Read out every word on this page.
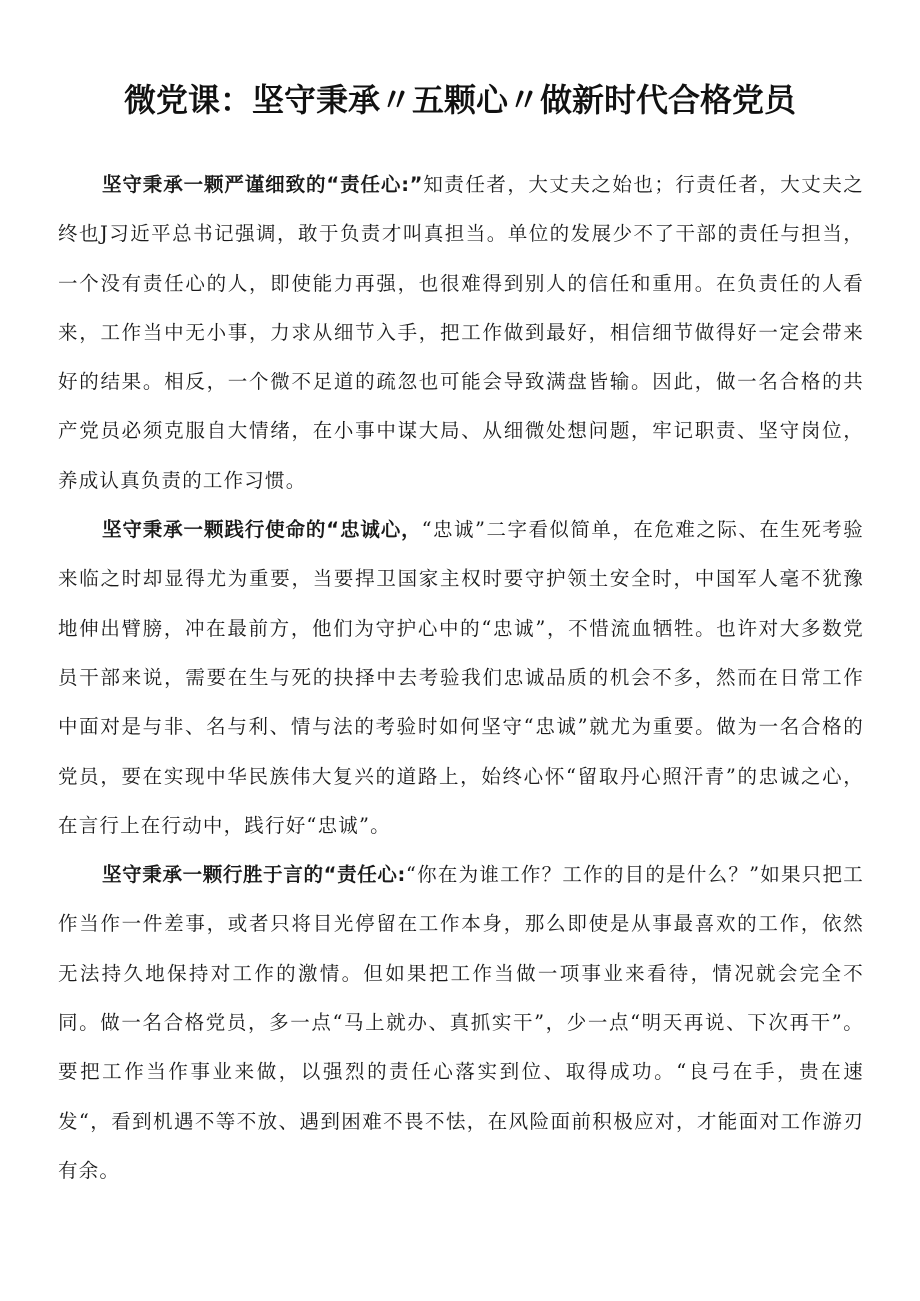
微党课：坚守秉承〃五颗心〃做新时代合格党员

坚守秉承一颗严谨细致的“责任心:”知责任者，大丈夫之始也；行责任者，大丈夫之终也J习近平总书记强调，敢于负责才叫真担当。单位的发展少不了干部的责任与担当，一个没有责任心的人，即使能力再强，也很难得到别人的信任和重用。在负责任的人看来，工作当中无小事，力求从细节入手，把工作做到最好，相信细节做得好一定会带来好的结果。相反，一个微不足道的疏忽也可能会导致满盘皆输。因此，做一名合格的共产党员必须克服自大情绪，在小事中谋大局、从细微处想问题，牢记职责、坚守岗位，养成认真负责的工作习惯。

坚守秉承一颗践行使命的“忠诚心，“忠诚”二字看似简单，在危难之际、在生死考验来临之时却显得尤为重要，当要捍卫国家主权时要守护领土安全时，中国军人毫不犹豫地伸出臂膀，冲在最前方，他们为守护心中的“忠诚”，不惜流血牺牲。也许对大多数党员干部来说，需要在生与死的抉择中去考验我们忠诚品质的机会不多，然而在日常工作中面对是与非、名与利、情与法的考验时如何坚守“忠诚”就尤为重要。做为一名合格的党员，要在实现中华民族伟大复兴的道路上，始终心怀“留取丹心照汗青”的忠诚之心，在言行上在行动中，践行好“忠诚”。

坚守秉承一颗行胜于言的“责任心:“你在为谁工作？工作的目的是什么？”如果只把工作当作一件差事，或者只将目光停留在工作本身，那么即使是从事最喜欢的工作，依然无法持久地保持对工作的激情。但如果把工作当做一项事业来看待，情况就会完全不同。做一名合格党员，多一点“马上就办、真抓实干”，少一点“明天再说、下次再干”。要把工作当作事业来做，以强烈的责任心落实到位、取得成功。“良弓在手，贵在速发“，看到机遇不等不放、遇到困难不畏不怯，在风险面前积极应对，才能面对工作游刃有余。
